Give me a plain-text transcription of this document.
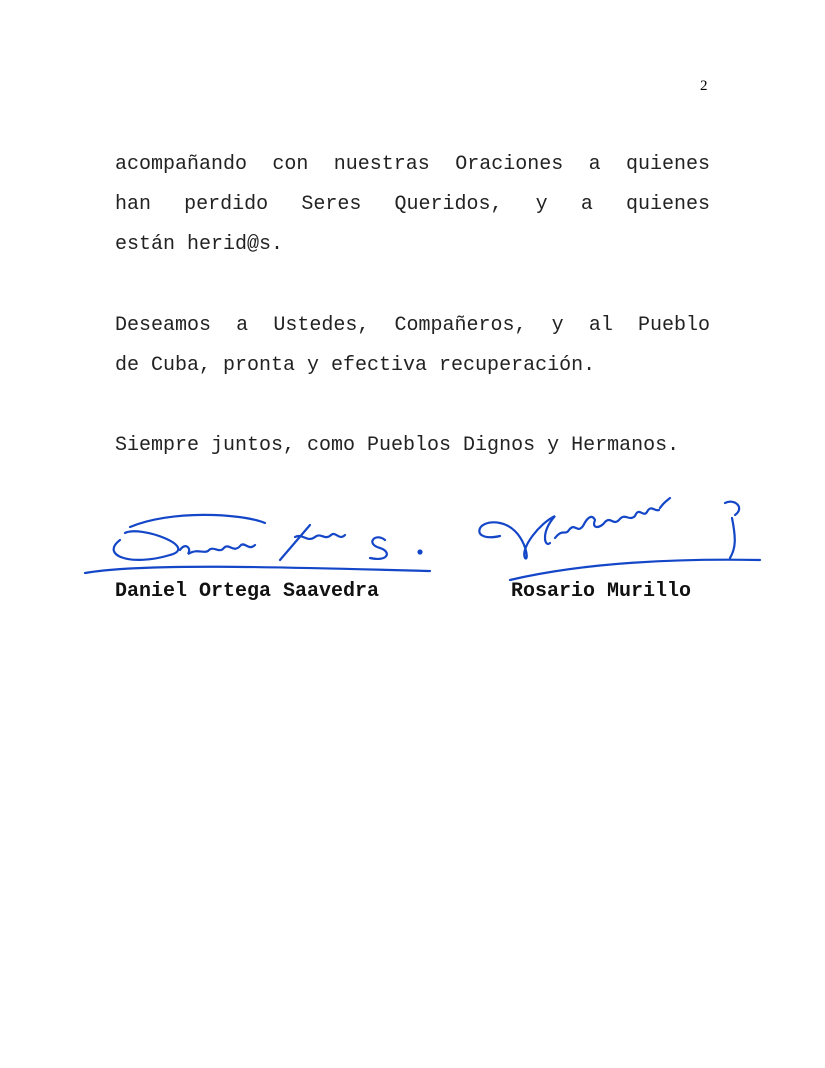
2
acompañando con nuestras Oraciones a quienes
han perdido Seres Queridos, y a quienes
están herid@s.
Deseamos a Ustedes, Compañeros, y al Pueblo
de Cuba, pronta y efectiva recuperación.
Siempre juntos, como Pueblos Dignos y Hermanos.
Daniel Ortega Saavedra	Rosario Murillo
